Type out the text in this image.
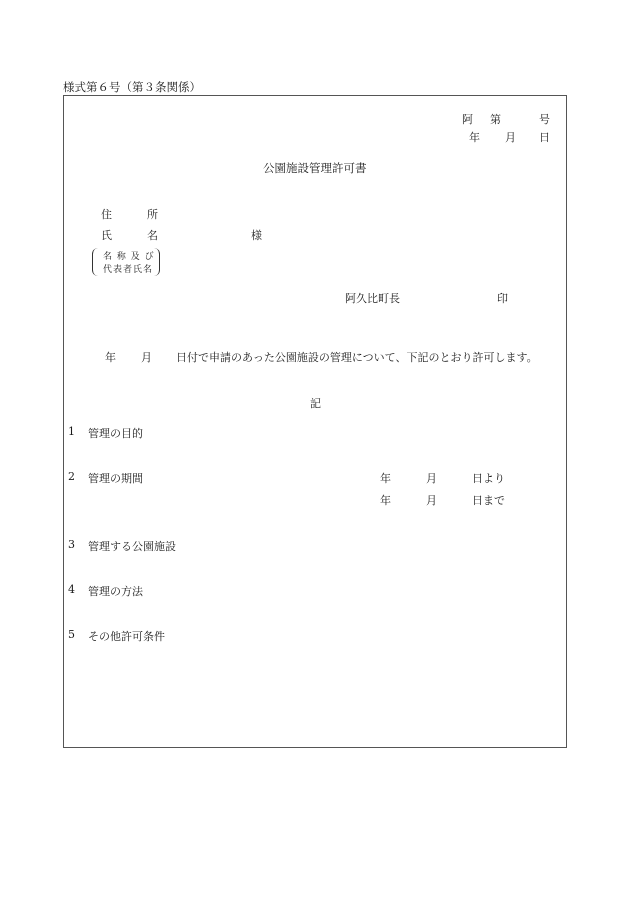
様式第６号（第３条関係）
阿 第	号
年 月 日
公園施設管理許可書
住	所
氏	名	様
名 称 及 び
代表者氏名
阿久比町長	印
年 月 日付で申請のあった公園施設の管理について、下記のとおり許可します。
記
1 管理の目的
2 管理の期間	年	月	日より
年	月	日まで
3 管理する公園施設
4 管理の方法
5 その他許可条件
